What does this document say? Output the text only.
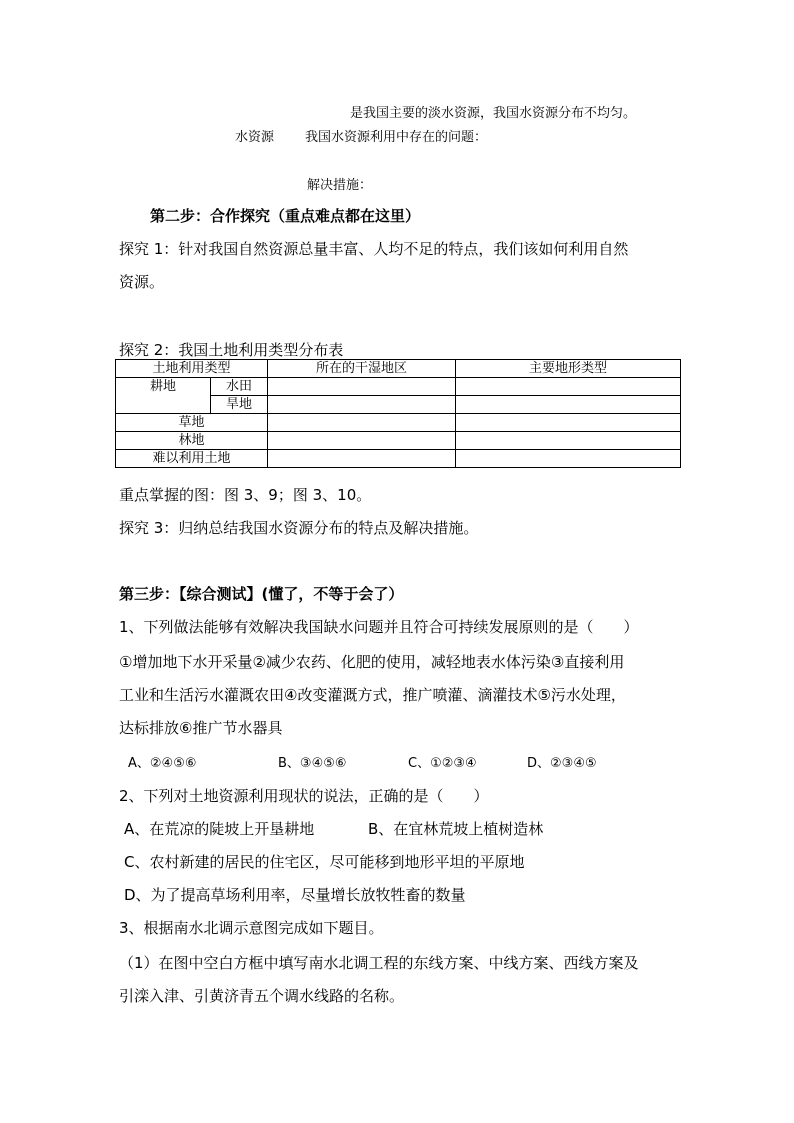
是我国主要的淡水资源，我国水资源分布不均匀。
水资源 我国水资源利用中存在的问题：
解决措施：
第二步：合作探究（重点难点都在这里）
探究 1：针对我国自然资源总量丰富、人均不足的特点，我们该如何利用自然
资源。
探究 2：我国土地利用类型分布表
土地利用类型		所在的干湿地区	主要地形类型
耕地	水田		
	旱地		
草地			
林地			
难以利用土地			
重点掌握的图：图 3、9；图 3、10。
探究 3：归纳总结我国水资源分布的特点及解决措施。
第三步：【综合测试】(懂了，不等于会了）
1、下列做法能够有效解决我国缺水问题并且符合可持续发展原则的是（　　）
①增加地下水开采量②减少农药、化肥的使用，减轻地表水体污染③直接利用
工业和生活污水灌溉农田④改变灌溉方式，推广喷灌、滴灌技术⑤污水处理，
达标排放⑥推广节水器具
A、②④⑤⑥	B、③④⑤⑥	C、①②③④	D、②③④⑤
2、下列对土地资源利用现状的说法，正确的是（　　）
A、在荒凉的陡坡上开垦耕地	B、在宜林荒坡上植树造林
C、农村新建的居民的住宅区，尽可能移到地形平坦的平原地
D、为了提高草场利用率，尽量增长放牧牲畜的数量
3、根据南水北调示意图完成如下题目。
（1）在图中空白方框中填写南水北调工程的东线方案、中线方案、西线方案及
引滦入津、引黄济青五个调水线路的名称。
